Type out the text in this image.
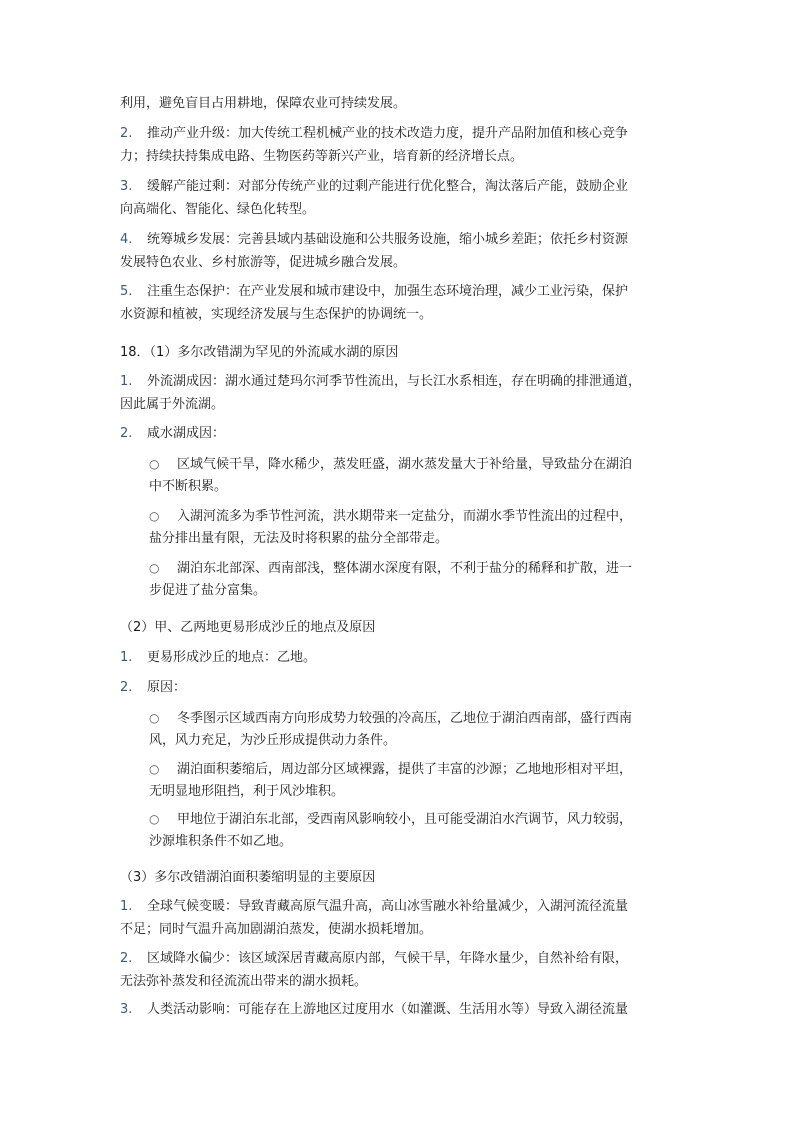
利用，避免盲目占用耕地，保障农业可持续发展。
2. 推动产业升级：加大传统工程机械产业的技术改造力度，提升产品附加值和核心竞争
力；持续扶持集成电路、生物医药等新兴产业，培育新的经济增长点。
3. 缓解产能过剩：对部分传统产业的过剩产能进行优化整合，淘汰落后产能，鼓励企业
向高端化、智能化、绿色化转型。
4. 统筹城乡发展：完善县域内基础设施和公共服务设施，缩小城乡差距；依托乡村资源
发展特色农业、乡村旅游等，促进城乡融合发展。
5. 注重生态保护：在产业发展和城市建设中，加强生态环境治理，减少工业污染，保护
水资源和植被，实现经济发展与生态保护的协调统一。
18．（1）多尔改错湖为罕见的外流咸水湖的原因
1. 外流湖成因：湖水通过楚玛尔河季节性流出，与长江水系相连，存在明确的排泄通道，
因此属于外流湖。
2. 咸水湖成因：
○ 区域气候干旱，降水稀少，蒸发旺盛，湖水蒸发量大于补给量，导致盐分在湖泊
中不断积累。
○ 入湖河流多为季节性河流，洪水期带来一定盐分，而湖水季节性流出的过程中，
盐分排出量有限，无法及时将积累的盐分全部带走。
○ 湖泊东北部深、西南部浅，整体湖水深度有限，不利于盐分的稀释和扩散，进一
步促进了盐分富集。
（2）甲、乙两地更易形成沙丘的地点及原因
1. 更易形成沙丘的地点：乙地。
2. 原因：
○ 冬季图示区域西南方向形成势力较强的冷高压，乙地位于湖泊西南部，盛行西南
风，风力充足，为沙丘形成提供动力条件。
○ 湖泊面积萎缩后，周边部分区域裸露，提供了丰富的沙源；乙地地形相对平坦，
无明显地形阻挡，利于风沙堆积。
○ 甲地位于湖泊东北部，受西南风影响较小，且可能受湖泊水汽调节，风力较弱，
沙源堆积条件不如乙地。
（3）多尔改错湖泊面积萎缩明显的主要原因
1. 全球气候变暖：导致青藏高原气温升高，高山冰雪融水补给量减少，入湖河流径流量
不足；同时气温升高加剧湖泊蒸发，使湖水损耗增加。
2. 区域降水偏少：该区域深居青藏高原内部，气候干旱，年降水量少，自然补给有限，
无法弥补蒸发和径流流出带来的湖水损耗。
3. 人类活动影响：可能存在上游地区过度用水（如灌溉、生活用水等）导致入湖径流量
